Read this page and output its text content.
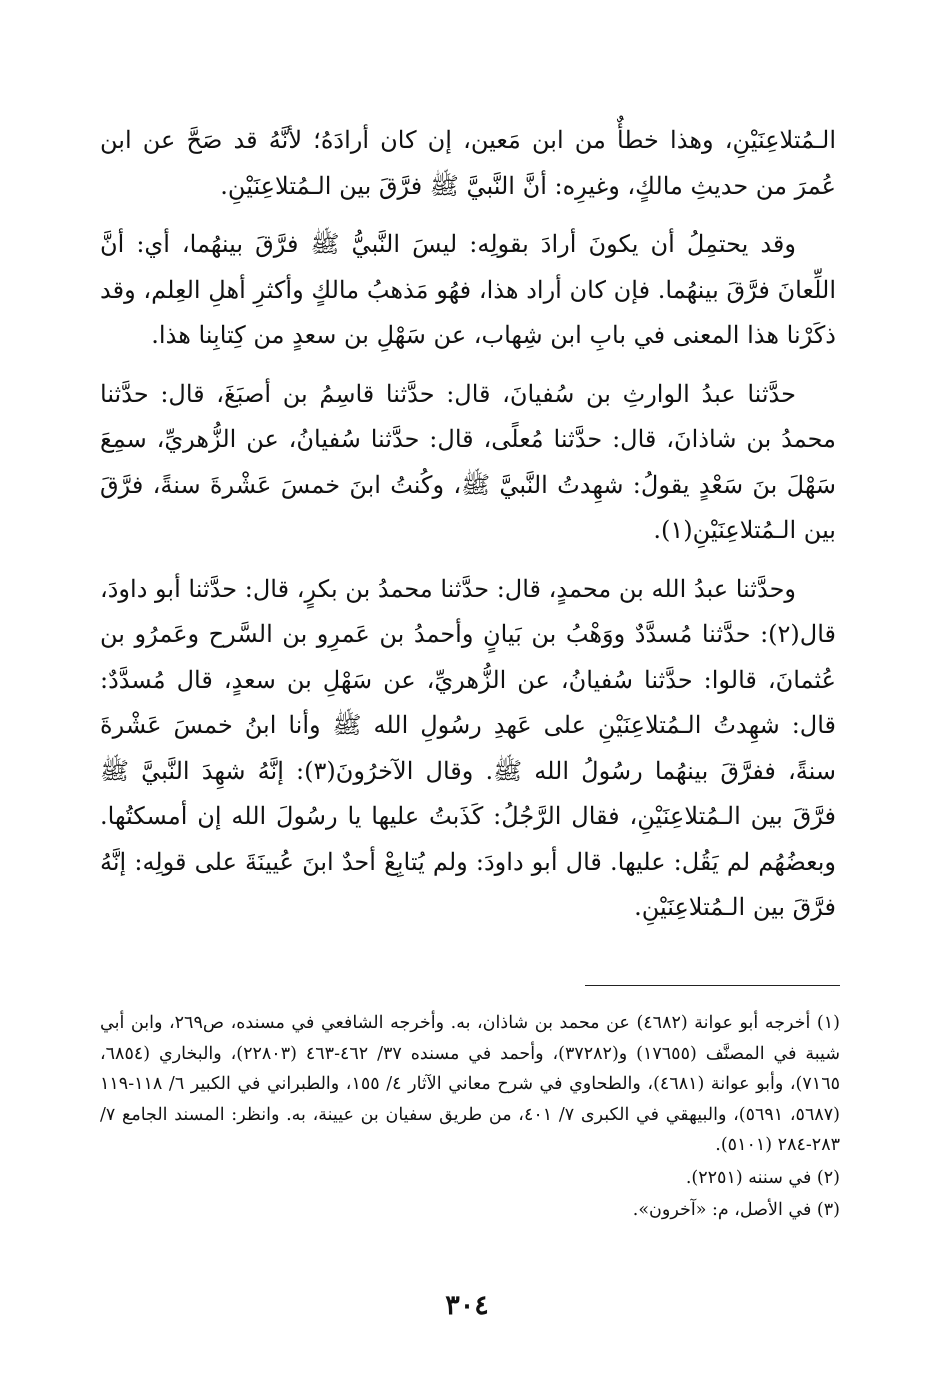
الـمُتلاعِنَيْنِ، وهذا خطأٌ من ابن مَعين، إن كان أرادَهُ؛ لأنَّهُ قد صَحَّ عن ابن عُمرَ من حديثِ مالكٍ، وغيرِه: أنَّ النَّبيَّ ﷺ فرَّقَ بين الـمُتلاعِنَيْنِ.

وقد يحتمِلُ أن يكونَ أرادَ بقولِه: ليسَ النَّبيُّ ﷺ فرَّقَ بينهُما، أي: أنَّ اللِّعانَ فرَّقَ بينهُما. فإن كان أراد هذا، فهُو مَذهبُ مالكٍ وأكثرِ أهلِ العِلم، وقد ذكَرْنا هذا المعنى في بابِ ابن شِهاب، عن سَهْلِ بن سعدٍ من كِتابِنا هذا.

حدَّثنا عبدُ الوارثِ بن سُفيانَ، قال: حدَّثنا قاسِمُ بن أصبَغَ، قال: حدَّثنا محمدُ بن شاذانَ، قال: حدَّثنا مُعلًى، قال: حدَّثنا سُفيانُ، عن الزُّهريِّ، سمِعَ سَهْلَ بنَ سَعْدٍ يقولُ: شهِدتُ النَّبيَّ ﷺ، وكُنتُ ابنَ خمسَ عَشْرةَ سنةً، فرَّقَ بين الـمُتلاعِنَيْنِ(١).

وحدَّثنا عبدُ الله بن محمدٍ، قال: حدَّثنا محمدُ بن بكرٍ، قال: حدَّثنا أبو داودَ، قال(٢): حدَّثنا مُسدَّدٌ ووَهْبُ بن بَيانٍ وأحمدُ بن عَمرِو بن السَّرح وعَمرُو بن عُثمانَ، قالوا: حدَّثنا سُفيانُ، عن الزُّهريِّ، عن سَهْلِ بن سعدٍ، قال مُسدَّدٌ: قال: شهِدتُ الـمُتلاعِنَيْنِ على عَهدِ رسُولِ الله ﷺ وأنا ابنُ خمسَ عَشْرةَ سنةً، ففرَّقَ بينهُما رسُولُ الله ﷺ. وقال الآخرُونَ(٣): إنَّهُ شهِدَ النَّبيَّ ﷺ فرَّقَ بين الـمُتلاعِنَيْنِ، فقال الرَّجُلُ: كَذَبتُ عليها يا رسُولَ الله إن أمسكتُها. وبعضُهُم لم يَقُل: عليها. قال أبو داودَ: ولم يُتابِعْ أحدٌ ابنَ عُيينَةَ على قولِه: إنَّهُ فرَّقَ بين الـمُتلاعِنَيْنِ.

(١) أخرجه أبو عوانة (٤٦٨٢) عن محمد بن شاذان، به. وأخرجه الشافعي في مسنده، ص٢٦٩، وابن أبي شيبة في المصنَّف (١٧٦٥٥) و(٣٧٢٨٢)، وأحمد في مسنده ٣٧/ ٤٦٢-٤٦٣ (٢٢٨٠٣)، والبخاري (٦٨٥٤، ٧١٦٥)، وأبو عوانة (٤٦٨١)، والطحاوي في شرح معاني الآثار ٤/ ١٥٥، والطبراني في الكبير ٦/ ١١٨-١١٩ (٥٦٨٧، ٥٦٩١)، والبيهقي في الكبرى ٧/ ٤٠١، من طريق سفيان بن عيينة، به. وانظر: المسند الجامع ٧/ ٢٨٣-٢٨٤ (٥١٠١).

(٢) في سننه (٢٢٥١).

(٣) في الأصل، م: «آخرون».

٣٠٤
